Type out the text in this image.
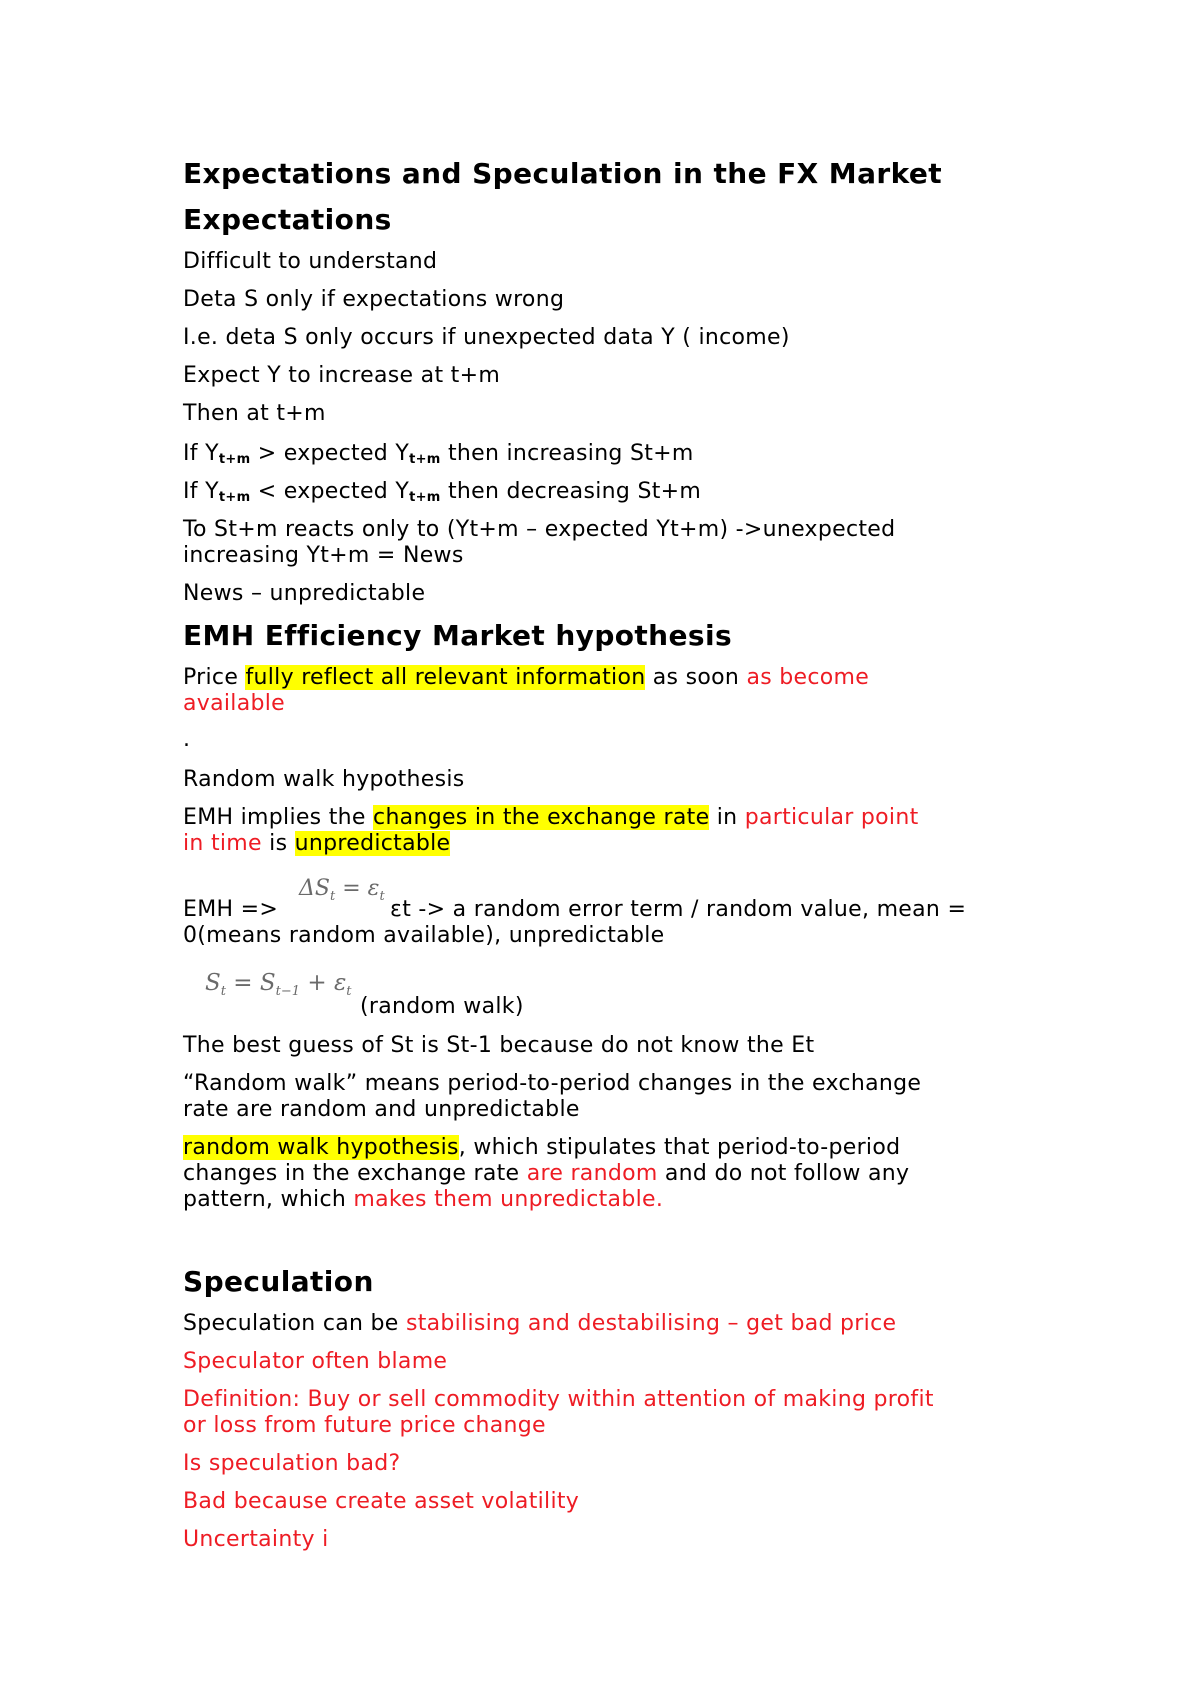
Expectations and Speculation in the FX Market
Expectations
Difficult to understand
Deta S only if expectations wrong
I.e. deta S only occurs if unexpected data Y ( income)
Expect Y to increase at t+m
Then at t+m
If $Y_{t+m}$ > expected $Y_{t+m}$ then increasing St+m
If $Y_{t+m}$ < expected $Y_{t+m}$ then decreasing St+m
To St+m reacts only to (Yt+m – expected Yt+m) ->unexpected
increasing Yt+m = News
News – unpredictable
EMH Efficiency Market hypothesis
Price fully reflect all relevant information as soon as become
available
.
Random walk hypothesis
EMH implies the changes in the exchange rate in particular point
in time is unpredictable
$\Delta S_t = \varepsilon_t$
EMH =>	εt -> a random error term / random value, mean =
0(means random available), unpredictable
$S_t = S_{t-1} + \varepsilon_t$
(random walk)
The best guess of St is St-1 because do not know the Et
“Random walk” means period-to-period changes in the exchange
rate are random and unpredictable
random walk hypothesis, which stipulates that period-to-period
changes in the exchange rate are random and do not follow any
pattern, which makes them unpredictable.
Speculation
Speculation can be stabilising and destabilising – get bad price
Speculator often blame
Definition: Buy or sell commodity within attention of making profit
or loss from future price change
Is speculation bad?
Bad because create asset volatility
Uncertainty i
